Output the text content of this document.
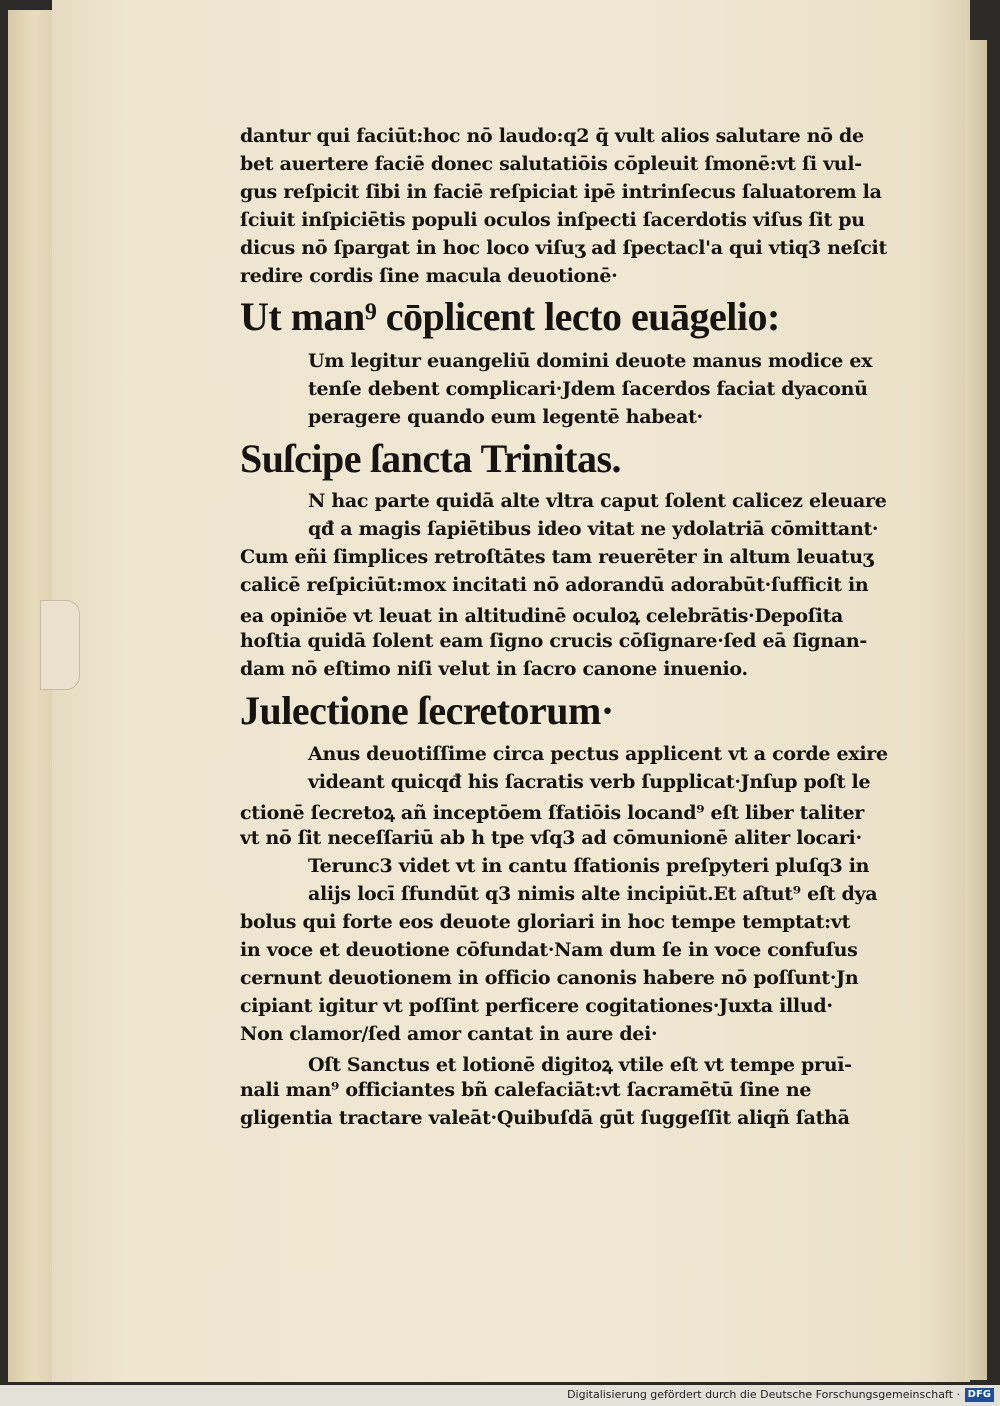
dantur qui faciūt:hoc nō laudo:q2 q̄ vult alios salutare nō de
bet auertere faciē donec salutatiōis cōpleuit ſmonē:vt ſi vul-
gus reſpicit ſibi in faciē reſpiciat ipē intrinſecus ſaluatorem la
ſciuit inſpiciētis populi oculos inſpecti ſacerdotis viſus ſit pu
dicus nō ſpargat in hoc loco viſuʒ ad ſpectacl'a qui vtiq3 neſcit
redire cordis ſine macula deuotionē·
Ut man⁹ cōplicent lecto euāgelio:
Um legitur euangeliū domini deuote manus modice ex
tenſe debent complicari·Jdem ſacerdos faciat dyaconū
peragere quando eum legentē habeat·
Suſcipe ſancta Trinitas.
N hac parte quidā alte vltra caput ſolent calicez eleuare
qđ a magis ſapiētibus ideo vitat ne ydolatriā cōmittant·
Cum eñi ſimplices retroſtātes tam reuerēter in altum leuatuʒ
calicē reſpiciūt:mox incitati nō adorandū adorabūt·ſufficit in
ea opiniōe vt leuat in altitudinē oculoꝝ celebrātis·Depoſita
hoſtia quidā ſolent eam ſigno crucis cōſignare·ſed eā ſignan-
dam nō eſtimo niſi velut in ſacro canone inuenio.
Julectione ſecretorum·
Anus deuotiſſime circa pectus applicent vt a corde exire
videant quicqđ his ſacratis verb ſupplicat·Jnſup poſt le
ctionē ſecretoꝝ añ inceptōem ſfatiōis locand⁹ eſt liber taliter
vt nō ſit neceſſariū ab h tpe vſq3 ad cōmunionē aliter locari·
Terunc3 videt vt in cantu ſfationis preſpyteri pluſq3 in
alijs locī ſfundūt q3 nimis alte incipiūt.Et aſtut⁹ eſt dya
bolus qui forte eos deuote gloriari in hoc tempe temptat:vt
in voce et deuotione cōfundat·Nam dum ſe in voce confuſus
cernunt deuotionem in officio canonis habere nō poſſunt·Jn
cipiant igitur vt poſſint perficere cogitationes·Juxta illud·
Non clamor/ſed amor cantat in aure dei·
Oſt Sanctus et lotionē digitoꝝ vtile eſt vt tempe pruī-
nali man⁹ officiantes bñ calefaciāt:vt ſacramētū ſine ne
gligentia tractare valeāt·Quibuſdā gūt ſuggeſſit aliqñ ſathā
Digitalisierung gefördert durch die Deutsche Forschungsgemeinschaft · DFG
